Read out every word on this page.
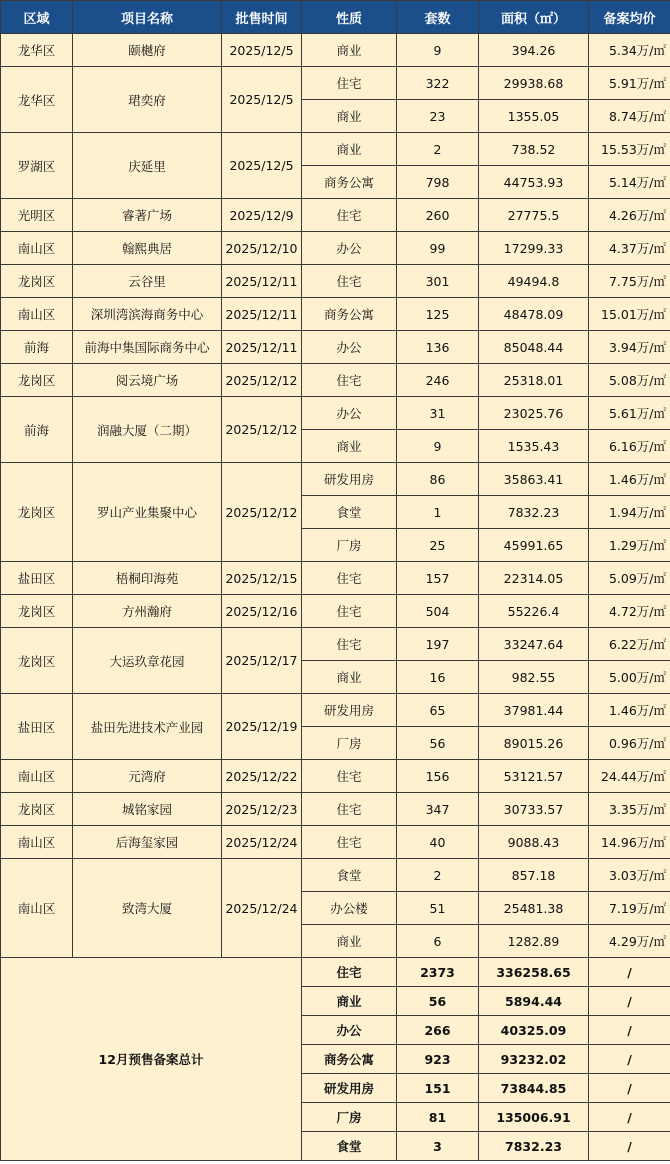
区域	项目名称	批售时间	性质	套数	面积（㎡）	备案均价
龙华区	颐樾府	2025/12/5	商业	9	394.26	5.34万/㎡
龙华区	珺奕府	2025/12/5	住宅	322	29938.68	5.91万/㎡
			商业	23	1355.05	8.74万/㎡
罗湖区	庆延里	2025/12/5	商业	2	738.52	15.53万/㎡
			商务公寓	798	44753.93	5.14万/㎡
光明区	睿著广场	2025/12/9	住宅	260	27775.5	4.26万/㎡
南山区	翰熙典居	2025/12/10	办公	99	17299.33	4.37万/㎡
龙岗区	云谷里	2025/12/11	住宅	301	49494.8	7.75万/㎡
南山区	深圳湾滨海商务中心	2025/12/11	商务公寓	125	48478.09	15.01万/㎡
前海	前海中集国际商务中心	2025/12/11	办公	136	85048.44	3.94万/㎡
龙岗区	阅云境广场	2025/12/12	住宅	246	25318.01	5.08万/㎡
前海	润融大厦（二期）	2025/12/12	办公	31	23025.76	5.61万/㎡
			商业	9	1535.43	6.16万/㎡
龙岗区	罗山产业集聚中心	2025/12/12	研发用房	86	35863.41	1.46万/㎡
			食堂	1	7832.23	1.94万/㎡
			厂房	25	45991.65	1.29万/㎡
盐田区	梧桐印海苑	2025/12/15	住宅	157	22314.05	5.09万/㎡
龙岗区	方州瀚府	2025/12/16	住宅	504	55226.4	4.72万/㎡
龙岗区	大运玖章花园	2025/12/17	住宅	197	33247.64	6.22万/㎡
			商业	16	982.55	5.00万/㎡
盐田区	盐田先进技术产业园	2025/12/19	研发用房	65	37981.44	1.46万/㎡
			厂房	56	89015.26	0.96万/㎡
南山区	元湾府	2025/12/22	住宅	156	53121.57	24.44万/㎡
龙岗区	城铭家园	2025/12/23	住宅	347	30733.57	3.35万/㎡
南山区	后海玺家园	2025/12/24	住宅	40	9088.43	14.96万/㎡
南山区	致湾大厦	2025/12/24	食堂	2	857.18	3.03万/㎡
			办公楼	51	25481.38	7.19万/㎡
			商业	6	1282.89	4.29万/㎡
12月预售备案总计			住宅	2373	336258.65	/
			商业	56	5894.44	/
			办公	266	40325.09	/
			商务公寓	923	93232.02	/
			研发用房	151	73844.85	/
			厂房	81	135006.91	/
			食堂	3	7832.23	/
